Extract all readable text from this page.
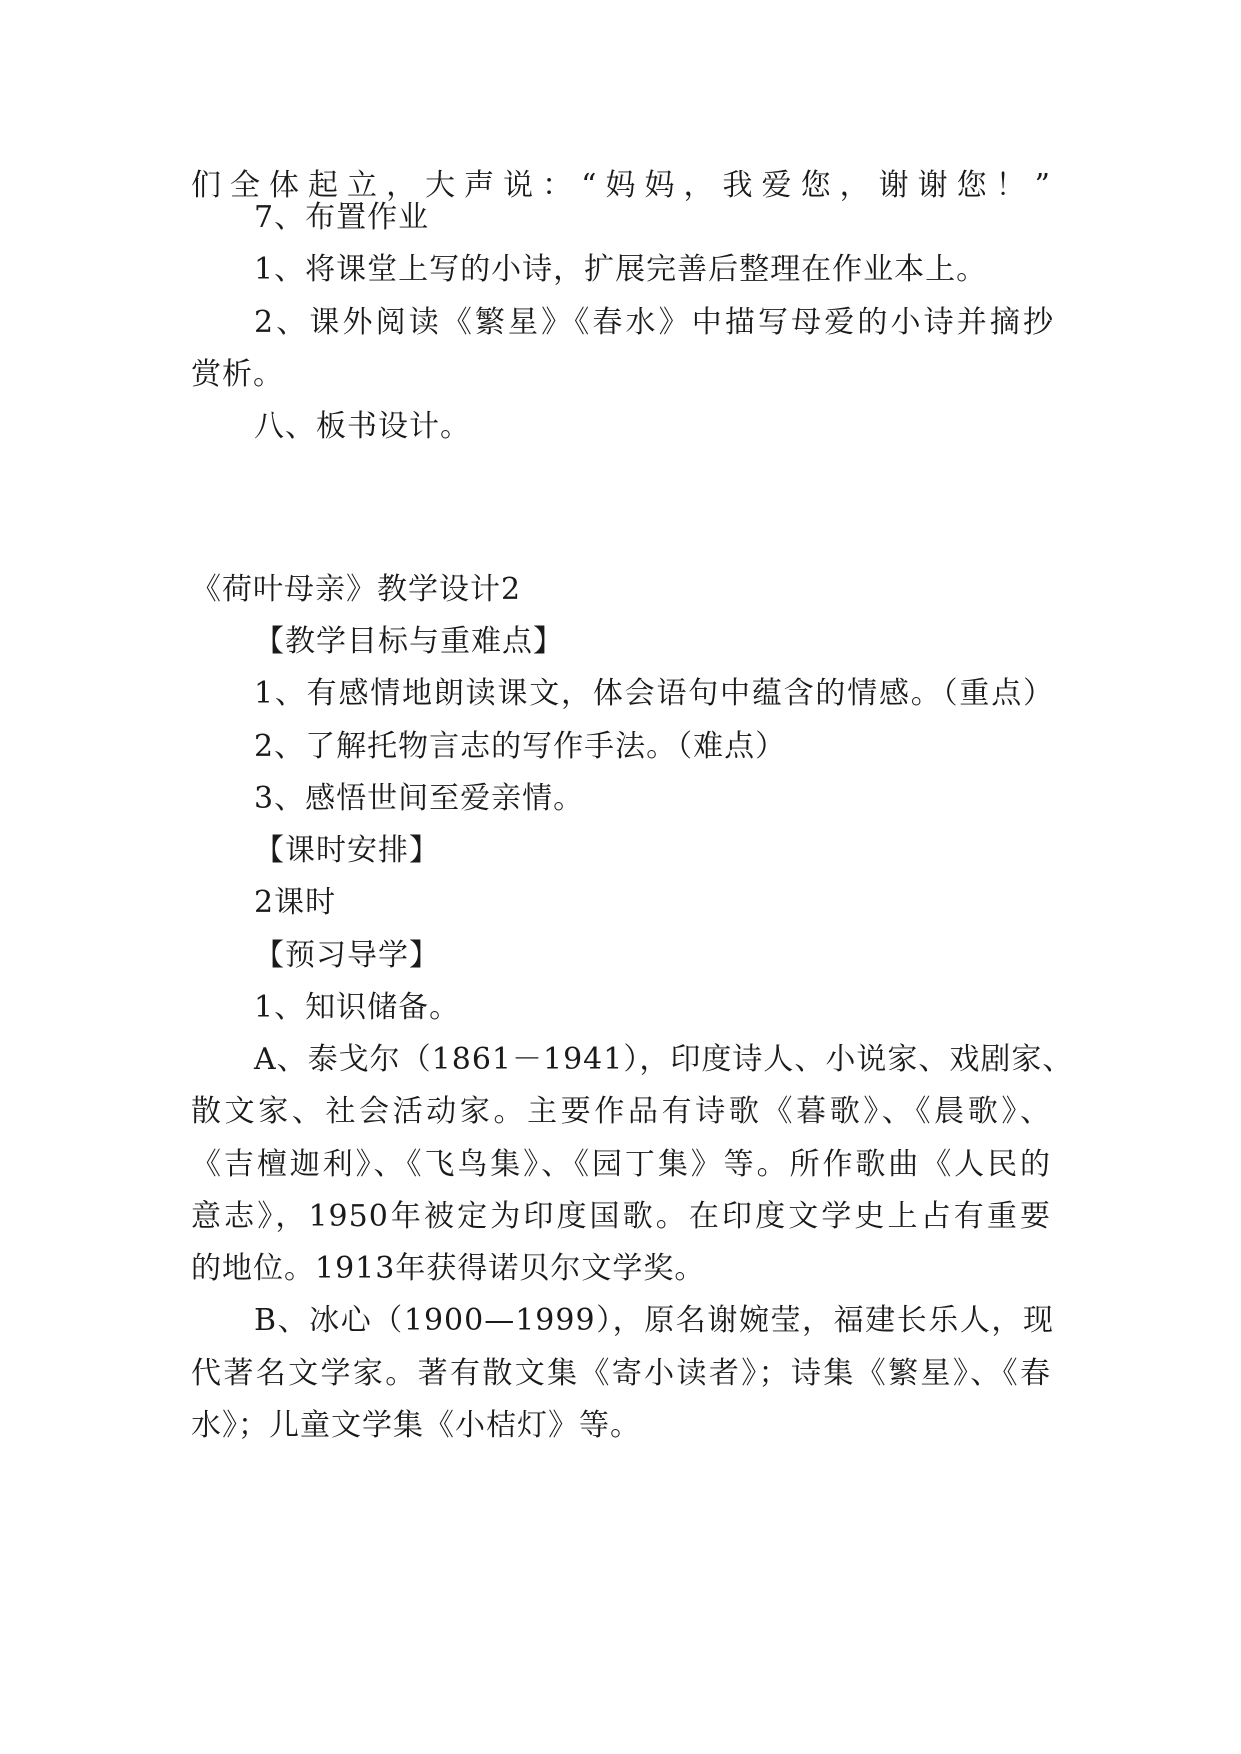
们全体起立，大声说：“妈妈，我爱您，谢谢您！”
7、布置作业
1、将课堂上写的小诗，扩展完善后整理在作业本上。
2、课外阅读《繁星》《春水》中描写母爱的小诗并摘抄
赏析。
八、板书设计。
《荷叶母亲》教学设计2
【教学目标与重难点】
1、有感情地朗读课文，体会语句中蕴含的情感。（重点）
2、了解托物言志的写作手法。（难点）
3、感悟世间至爱亲情。
【课时安排】
2课时
【预习导学】
1、知识储备。
A、泰戈尔（1861－1941），印度诗人、小说家、戏剧家、
散文家、社会活动家。主要作品有诗歌《暮歌》、《晨歌》、
《吉檀迦利》、《飞鸟集》、《园丁集》等。所作歌曲《人民的
意志》，1950年被定为印度国歌。在印度文学史上占有重要
的地位。1913年获得诺贝尔文学奖。
B、冰心（1900—1999），原名谢婉莹，福建长乐人，现
代著名文学家。著有散文集《寄小读者》；诗集《繁星》、《春
水》；儿童文学集《小桔灯》等。
